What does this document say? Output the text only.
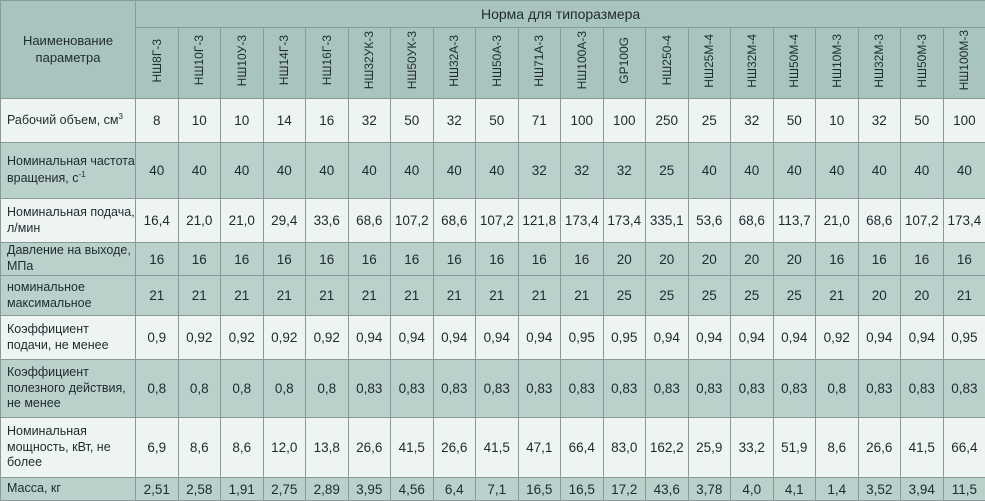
Наименование параметра	Норма для типоразмера																			
	НШ8Г-3	НШ10Г-3	НШ10У-3	НШ14Г-3	НШ16Г-3	НШ32УК-3	НШ50УК-3	НШ32А-3	НШ50А-3	НШ71А-3	НШ100А-3	GP100G	НШ250-4	НШ25М-4	НШ32М-4	НШ50М-4	НШ10М-3	НШ32М-3	НШ50М-3	НШ100М-3
Рабочий объем, $см^3$	8	10	10	14	16	32	50	32	50	71	100	100	250	25	32	50	10	32	50	100
Номинальная частота вращения, $с^{-1}$	40	40	40	40	40	40	40	40	40	32	32	32	25	40	40	40	40	40	40	40
Номинальная подача, л/мин	16,4	21,0	21,0	29,4	33,6	68,6	107,2	68,6	107,2	121,8	173,4	173,4	335,1	53,6	68,6	113,7	21,0	68,6	107,2	173,4
Давление на выходе, МПа	16	16	16	16	16	16	16	16	16	16	16	20	20	20	20	20	16	16	16	16
номинальное максимальное	21	21	21	21	21	21	21	21	21	21	21	25	25	25	25	25	21	20	20	21
Коэффициент подачи, не менее	0,9	0,92	0,92	0,92	0,92	0,94	0,94	0,94	0,94	0,94	0,95	0,95	0,94	0,94	0,94	0,94	0,92	0,94	0,94	0,95
Коэффициент полезного действия, не менее	0,8	0,8	0,8	0,8	0,8	0,83	0,83	0,83	0,83	0,83	0,83	0,83	0,83	0,83	0,83	0,83	0,8	0,83	0,83	0,83
Номинальная мощность, кВт, не более	6,9	8,6	8,6	12,0	13,8	26,6	41,5	26,6	41,5	47,1	66,4	83,0	162,2	25,9	33,2	51,9	8,6	26,6	41,5	66,4
Масса, кг	2,51	2,58	1,91	2,75	2,89	3,95	4,56	6,4	7,1	16,5	16,5	17,2	43,6	3,78	4,0	4,1	1,4	3,52	3,94	11,5
